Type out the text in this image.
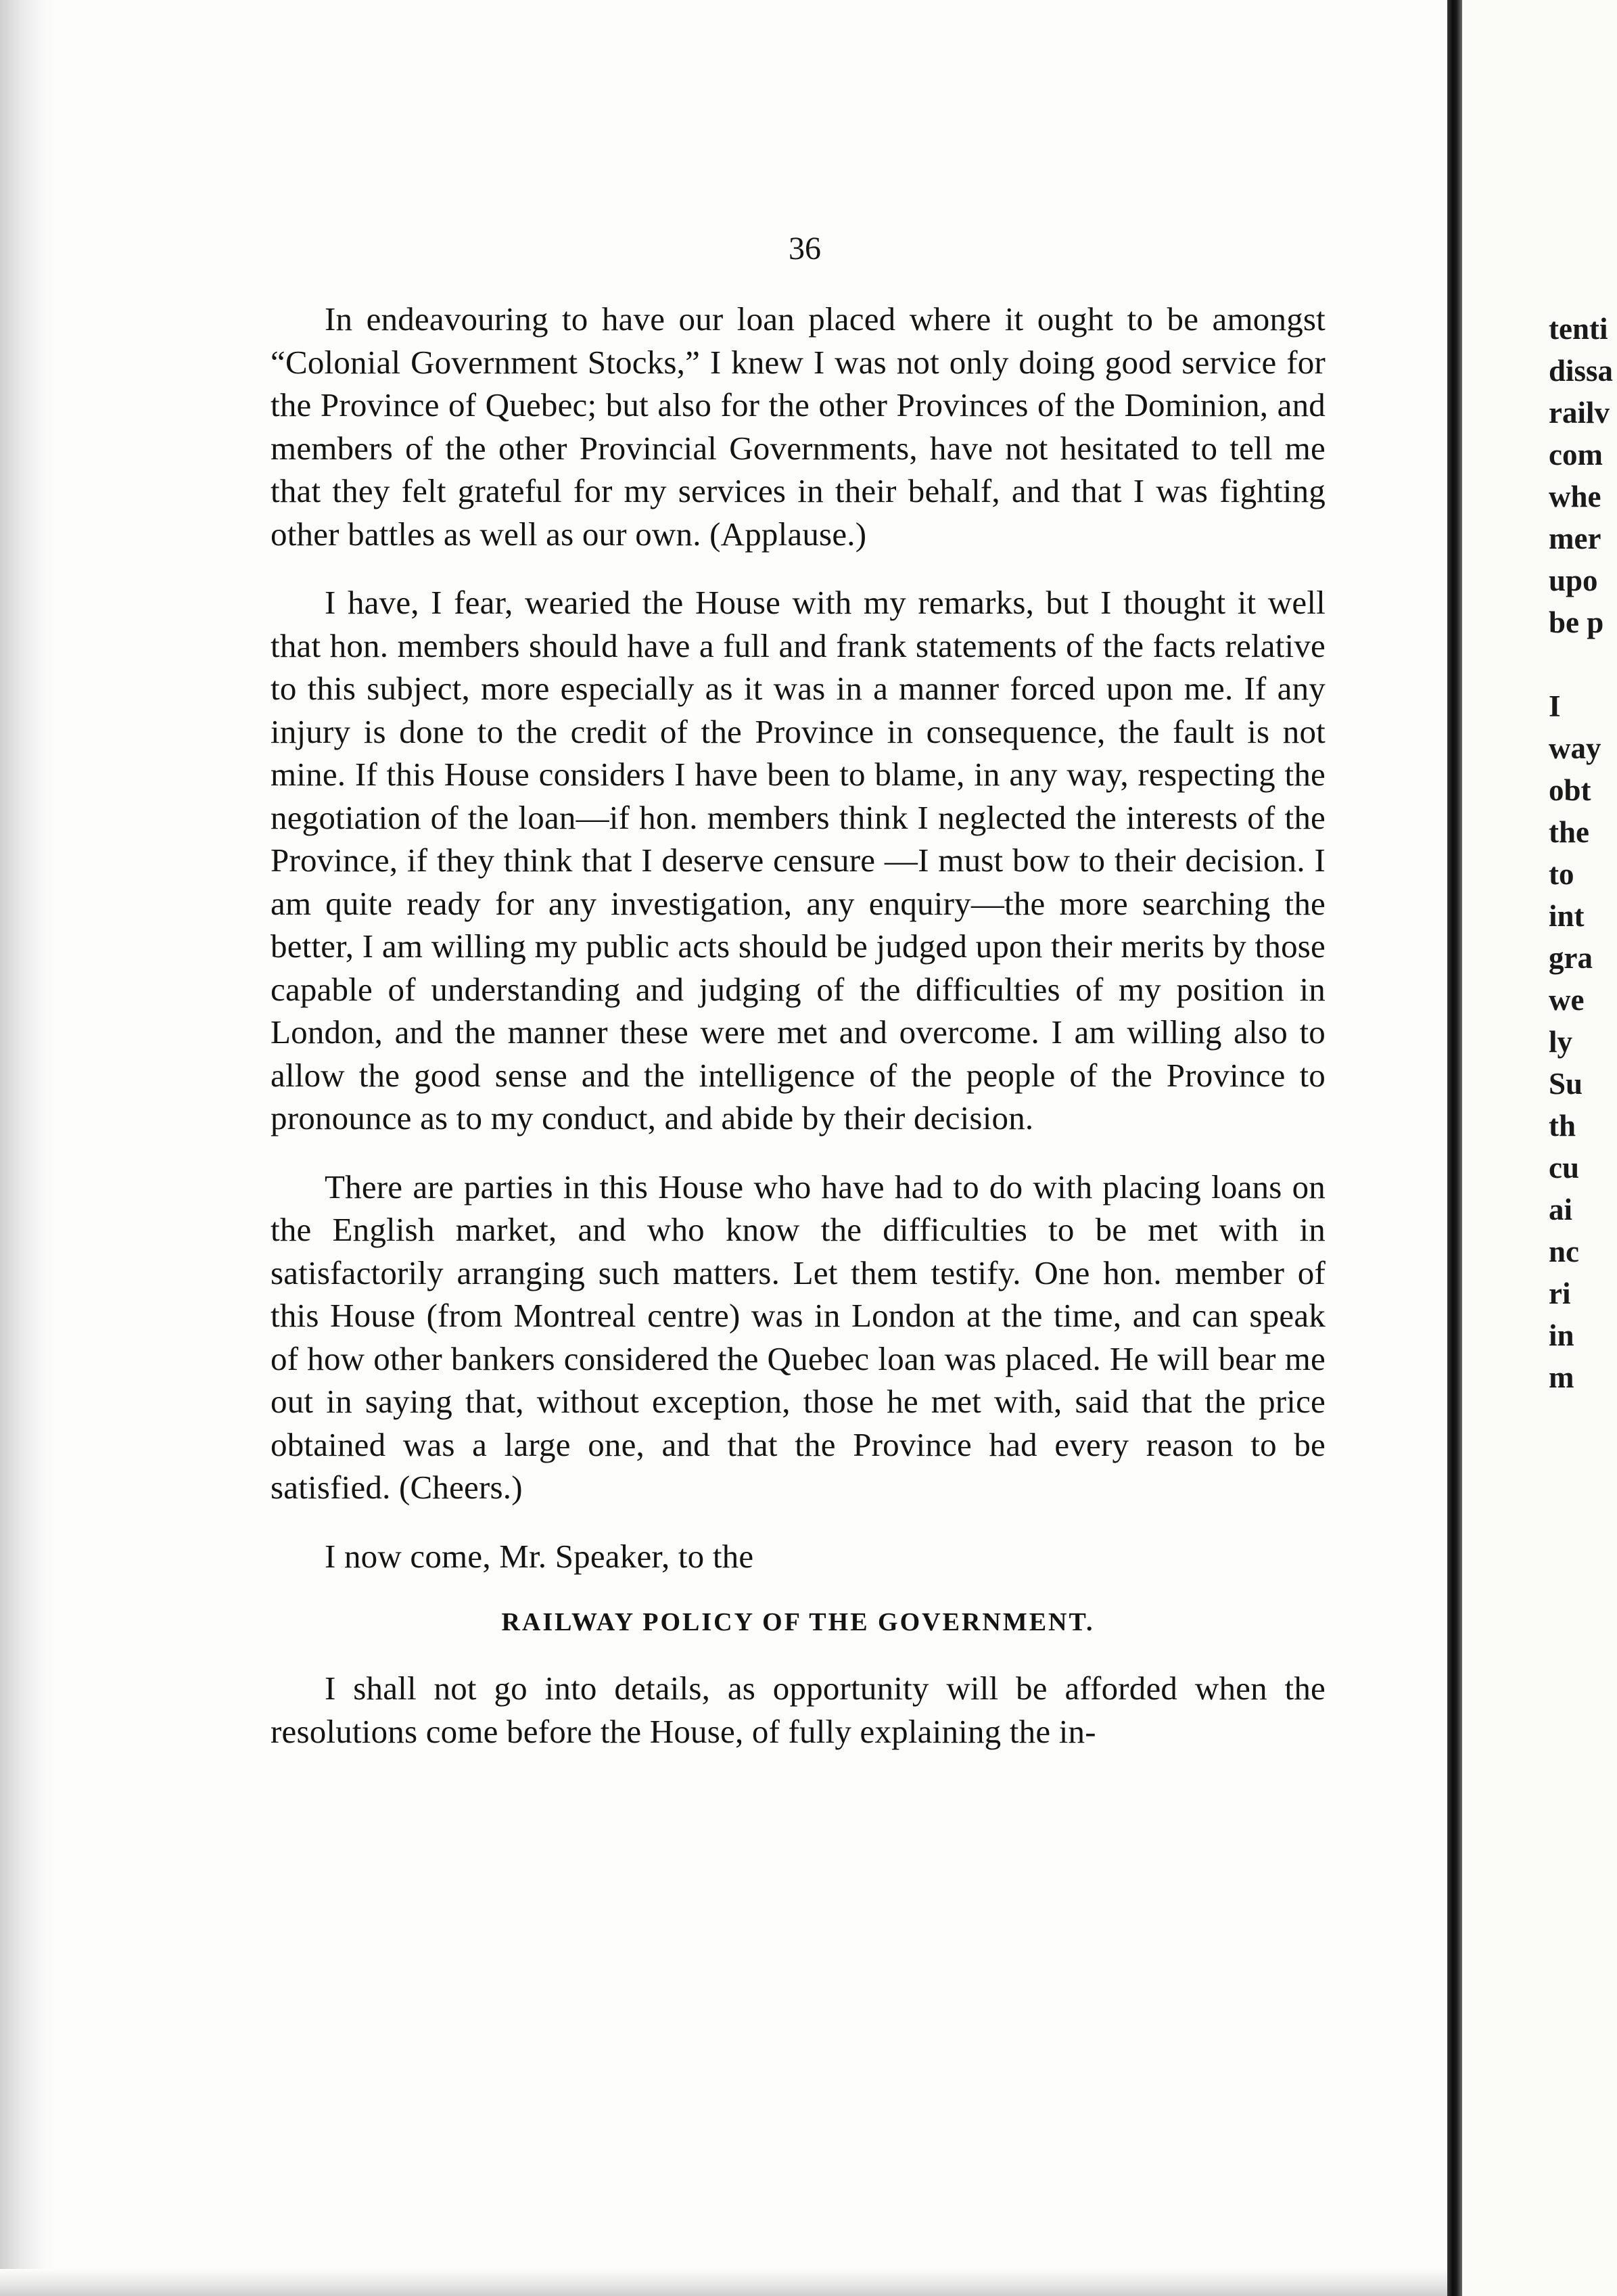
36

In endeavouring to have our loan placed where it ought to be amongst “Colonial Government Stocks,” I knew I was not only doing good service for the Province of Quebec; but also for the other Provinces of the Dominion, and members of the other Provincial Governments, have not hesitated to tell me that they felt grateful for my services in their behalf, and that I was fighting other battles as well as our own. (Applause.)

I have, I fear, wearied the House with my remarks, but I thought it well that hon. members should have a full and frank statements of the facts relative to this subject, more especially as it was in a manner forced upon me. If any injury is done to the credit of the Province in consequence, the fault is not mine. If this House considers I have been to blame, in any way, respecting the negotiation of the loan—if hon. members think I neglected the interests of the Province, if they think that I deserve censure —I must bow to their decision. I am quite ready for any investigation, any enquiry—the more searching the better, I am willing my public acts should be judged upon their merits by those capable of understanding and judging of the difficulties of my position in London, and the manner these were met and overcome. I am willing also to allow the good sense and the intelligence of the people of the Province to pronounce as to my conduct, and abide by their decision.

There are parties in this House who have had to do with placing loans on the English market, and who know the difficulties to be met with in satisfactorily arranging such matters. Let them testify. One hon. member of this House (from Montreal centre) was in London at the time, and can speak of how other bankers considered the Quebec loan was placed. He will bear me out in saying that, without exception, those he met with, said that the price obtained was a large one, and that the Province had every reason to be satisfied. (Cheers.)

I now come, Mr. Speaker, to the

RAILWAY POLICY OF THE GOVERNMENT.

I shall not go into details, as opportunity will be afforded when the resolutions come before the House, of fully explaining the in-

tenti
dissa
railv
com
whe
mer
upo
be p
I
way
obt
the
to
int
gra
we
ly
Su
th
cu
ai
nc
ri
in
m
